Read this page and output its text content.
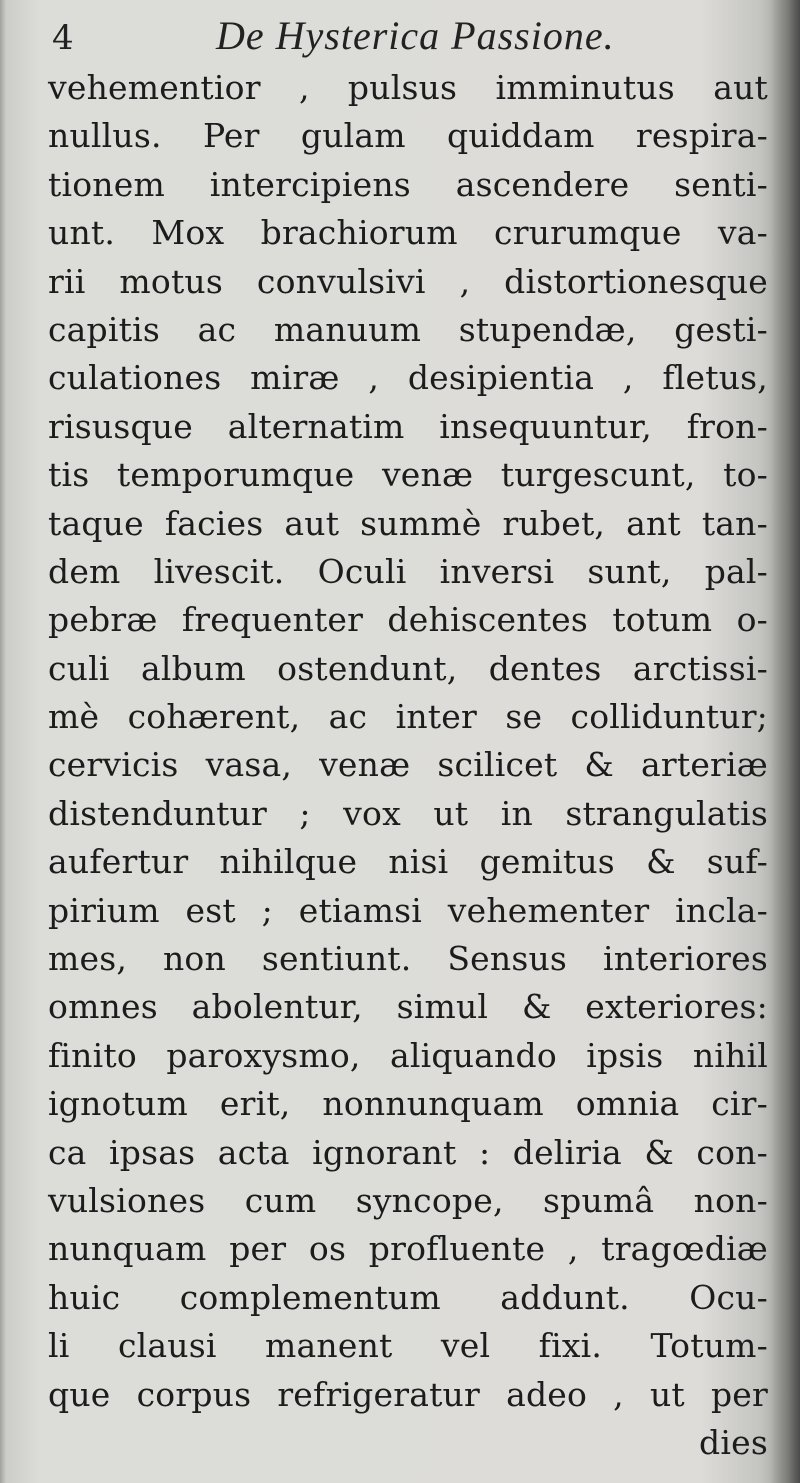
4	De Hysterica Passione.
vehementior , pulsus imminutus aut
nullus. Per gulam quiddam respira-
tionem intercipiens ascendere senti-
unt. Mox brachiorum crurumque va-
rii motus convulsivi , distortionesque
capitis ac manuum stupendæ, gesti-
culationes miræ , desipientia , fletus,
risusque alternatim insequuntur, fron-
tis temporumque venæ turgescunt, to-
taque facies aut summè rubet, ant tan-
dem livescit. Oculi inversi sunt, pal-
pebræ frequenter dehiscentes totum o-
culi album ostendunt, dentes arctissi-
mè cohærent, ac inter se colliduntur;
cervicis vasa, venæ scilicet & arteriæ
distenduntur ; vox ut in strangulatis
aufertur nihilque nisi gemitus & suf-
pirium est ; etiamsi vehementer incla-
mes, non sentiunt. Sensus interiores
omnes abolentur, simul & exteriores:
finito paroxysmo, aliquando ipsis nihil
ignotum erit, nonnunquam omnia cir-
ca ipsas acta ignorant : deliria & con-
vulsiones cum syncope, spumâ non-
nunquam per os profluente , tragœdiæ
huic complementum addunt. Ocu-
li clausi manent vel fixi. Totum-
que corpus refrigeratur adeo , ut per
dies
